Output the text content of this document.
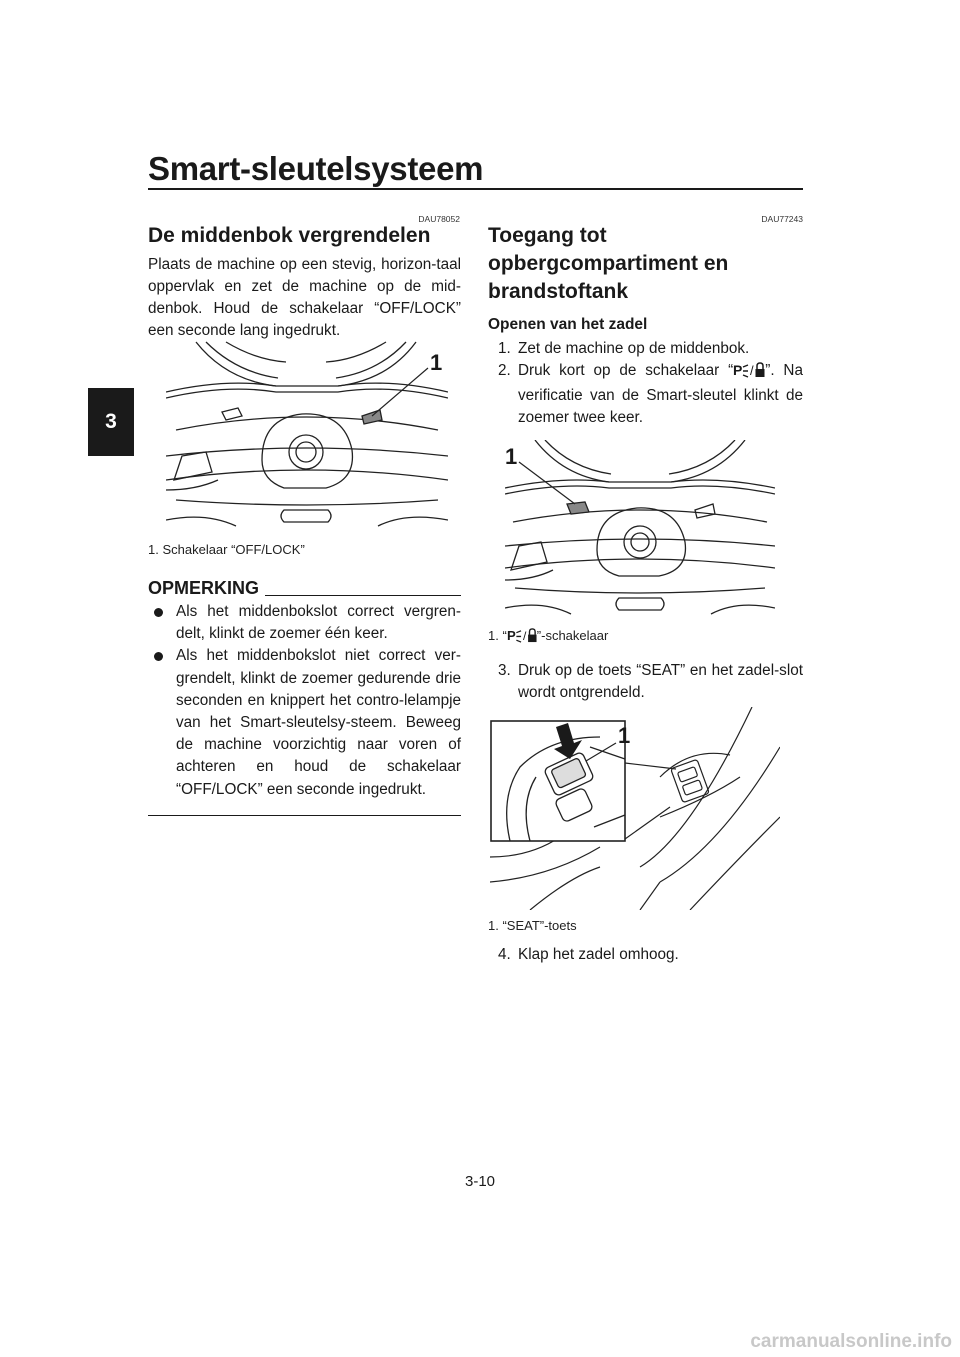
Smart-sleutelsysteem
3
DAU78052
De middenbok vergrendelen
Plaats de machine op een stevig, horizon-taal oppervlak en zet de machine op de mid-denbok. Houd de schakelaar “OFF/LOCK” een seconde lang ingedrukt.
1
1. Schakelaar “OFF/LOCK”
OPMERKING
Als het middenbokslot correct vergren-delt, klinkt de zoemer één keer.
Als het middenbokslot niet correct ver-grendelt, klinkt de zoemer gedurende drie seconden en knippert het contro-lelampje van het Smart-sleutelsy-steem. Beweeg de machine voorzichtig naar voren of achteren en houd de schakelaar “OFF/LOCK” een seconde ingedrukt.
DAU77243
Toegang tot opbergcompartiment en brandstoftank
Openen van het zadel
1. Zet de machine op de middenbok.
2. Druk kort op de schakelaar “ P / ”. Na verificatie van de Smart-sleutel klinkt de zoemer twee keer.
1
1. “ P / ”-schakelaar
3. Druk op de toets “SEAT” en het zadel-slot wordt ontgrendeld.
1
1. “SEAT”-toets
4. Klap het zadel omhoog.
3-10
carmanualsonline.info
